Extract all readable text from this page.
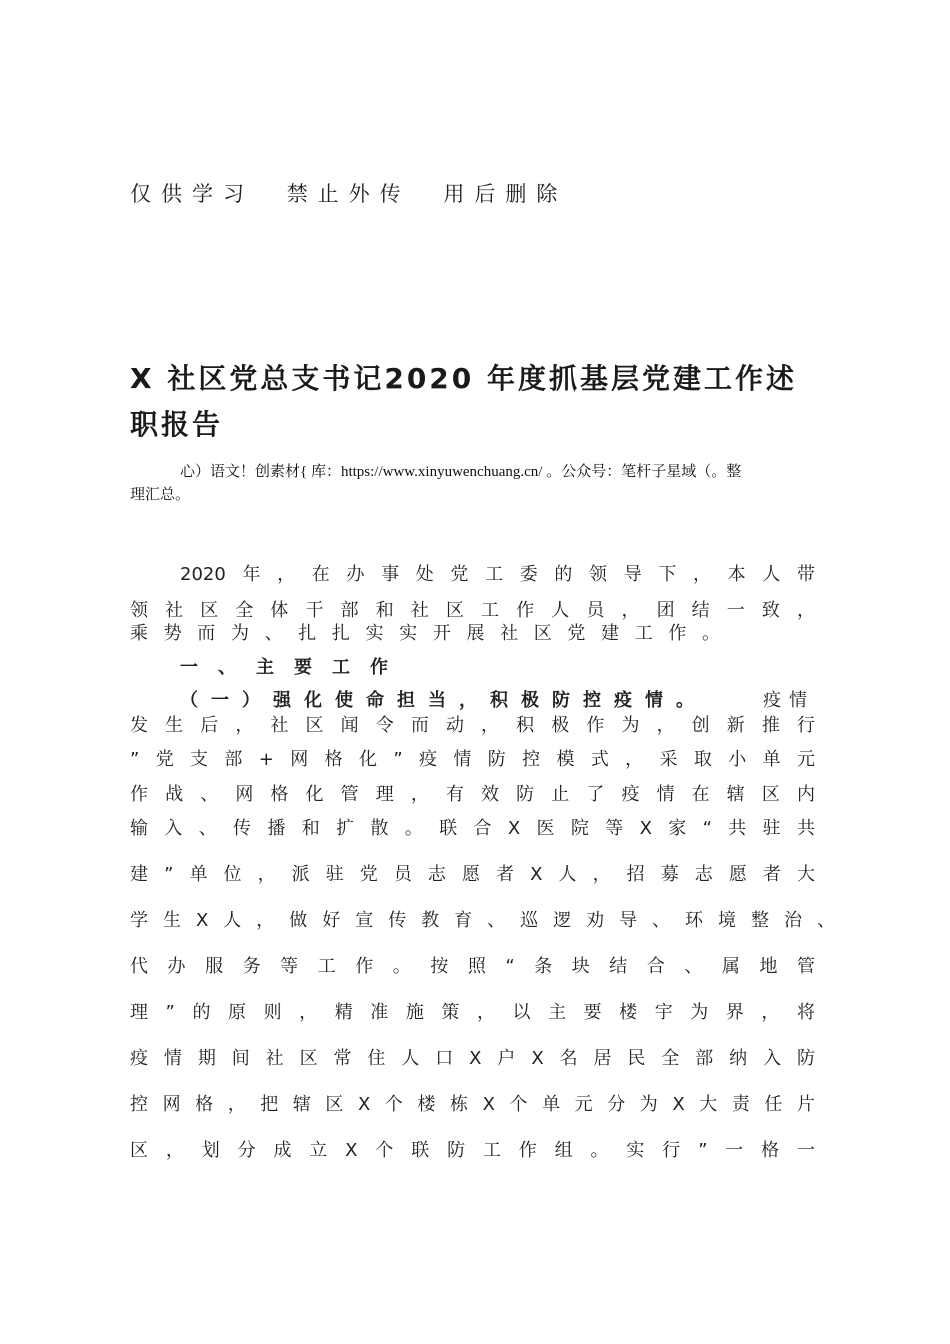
仅供学习 禁止外传 用后删除
X 社区党总支书记2020 年度抓基层党建工作述
职报告
心）语文！创素材{ 库：https://www.xinyuwenchuang.cn/ 。公众号：笔杆子星域（。整
理汇总。
2020年，在办事处党工委的领导下，本人带
领社区全体干部和社区工作人员，团结一致，
乘势而为、扎扎实实开展社区党建工作。
一、主要工作
（一）强化使命担当，积极防控疫情。	疫情
发生后，社区闻令而动，积极作为，创新推行
”党支部+网格化”疫情防控模式，采取小单元
作战、网格化管理，有效防止了疫情在辖区内
输入、传播和扩散。联合X医院等X家“共驻共
建”单位，派驻党员志愿者X人，招募志愿者大
学生X人，做好宣传教育、巡逻劝导、环境整治、
代办服务等工作。按照“条块结合、属地管
理”的原则，精准施策，以主要楼宇为界，将
疫情期间社区常住人口X户X名居民全部纳入防
控网格，把辖区X个楼栋X个单元分为X大责任片
区，划分成立X个联防工作组。实行”一格一
